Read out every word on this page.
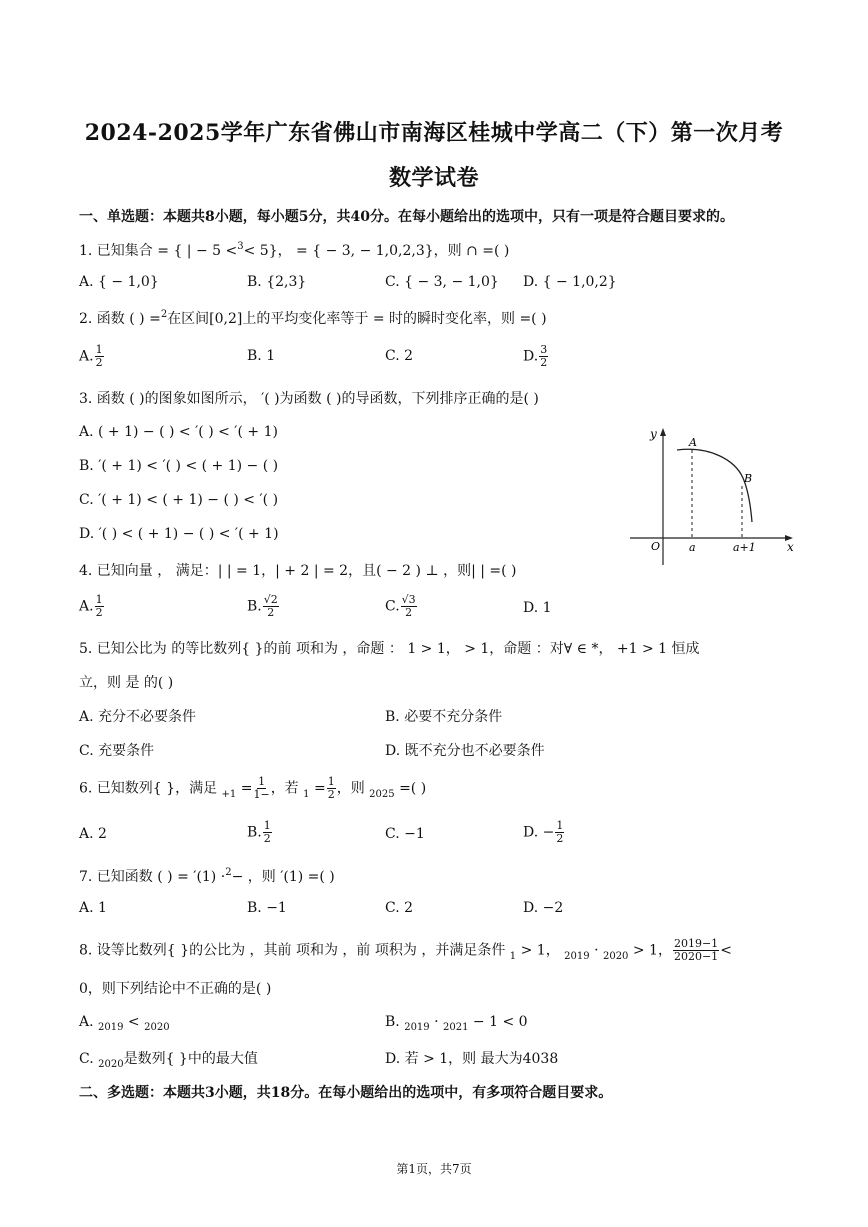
2024-2025学年广东省佛山市南海区桂城中学高二（下）第一次月考
数学试卷
一、单选题：本题共8小题，每小题5分，共40分。在每小题给出的选项中，只有一项是符合题目要求的。
1. 已知集合 = { | − 5 <$^3$< 5}， = { − 3, − 1,0,2,3}，则 ∩ =( )
A. { − 1,0}	B. {2,3}	C. { − 3, − 1,0} D. { − 1,0,2}
2. 函数 ( ) =$^2$在区间[0,2]上的平均变化率等于 = 时的瞬时变化率，则 =( )
A. $\frac{1}{2}$	B. 1	C. 2	D. $\frac{3}{2}$
3. 函数 ( )的图象如图所示， ′( )为函数 ( )的导函数，下列排序正确的是( )
A. ( + 1) − ( ) < ′( ) < ′( + 1)
B. ′( + 1) < ′( ) < ( + 1) − ( )
C. ′( + 1) < ( + 1) − ( ) < ′( )
D. ′( ) < ( + 1) − ( ) < ′( + 1)
y
x
O	a	a+1
A
B
4. 已知向量 ， 满足：| | = 1，| + 2 | = 2，且( − 2 ) ⊥ ，则| | =( )
A. $\frac{1}{2}$	B. $\frac{√2}{2}$	C. $\frac{√3}{2}$	D. 1
5. 已知公比为 的等比数列{ }的前 项和为 ，命题 ： 1 > 1， > 1，命题 ：对∀ ∈ *， +1 > 1 恒成
立，则 是 的( )
A. 充分不必要条件	B. 必要不充分条件
C. 充要条件	D. 既不充分也不必要条件
6. 已知数列{ }，满足 $_{+1} = \frac{1}{1-}$ ，若 $_1 = \frac{1}{2}$ ，则 $_{2025}$ =( )
A. 2	B. $\frac{1}{2}$	C. −1	D. − $\frac{1}{2}$
7. 已知函数 ( ) = ′(1) ·$^2$− ，则 ′(1) =( )
A. 1	B. −1	C. 2	D. −2
8. 设等比数列{ }的公比为 ，其前 项和为 ，前 项积为 ，并满足条件 $_1$ > 1， $_{2019}$ · $_{2020}$ > 1， $\frac{2019-1}{2020-1}$ <
0，则下列结论中不正确的是( )
A. $_{2019}$ < $_{2020}$	B. $_{2019}$ · $_{2021}$ − 1 < 0
C. $_{2020}$是数列{ }中的最大值	D. 若 > 1，则 最大为4038
二、多选题：本题共3小题，共18分。在每小题给出的选项中，有多项符合题目要求。
第1页，共7页
